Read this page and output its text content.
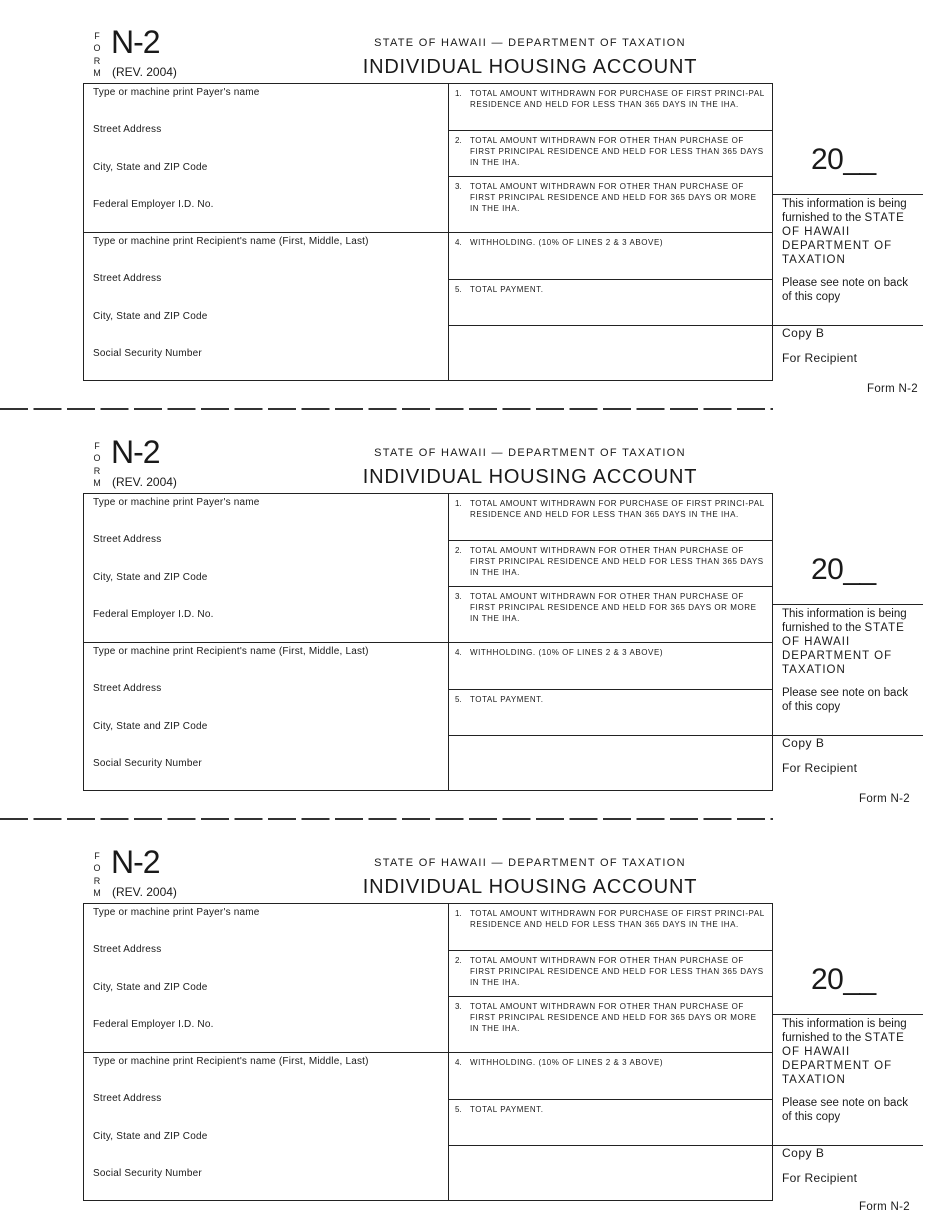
F
O
R
M
N-2
(REV. 2004)
STATE OF HAWAII — DEPARTMENT OF TAXATION
INDIVIDUAL HOUSING ACCOUNT
Type or machine print Payer's name
Street Address
City, State and ZIP Code
Federal Employer I.D. No.
Type or machine print Recipient's name (First, Middle, Last)
Street Address
City, State and ZIP Code
Social Security Number
1. TOTAL AMOUNT WITHDRAWN FOR PURCHASE OF FIRST PRINCI-PAL RESIDENCE AND HELD FOR LESS THAN 365 DAYS IN THE IHA.
2. TOTAL AMOUNT WITHDRAWN FOR OTHER THAN PURCHASE OF FIRST PRINCIPAL RESIDENCE AND HELD FOR LESS THAN 365 DAYS IN THE IHA.
3. TOTAL AMOUNT WITHDRAWN FOR OTHER THAN PURCHASE OF FIRST PRINCIPAL RESIDENCE AND HELD FOR 365 DAYS OR MORE IN THE IHA.
4. WITHHOLDING. (10% OF LINES 2 & 3 ABOVE)
5. TOTAL PAYMENT.
20__
This information is being furnished to the STATE OF HAWAII DEPARTMENT OF TAXATION
Please see note on back of this copy
Copy B
For Recipient
Form N-2
F
O
R
M
N-2
(REV. 2004)
STATE OF HAWAII — DEPARTMENT OF TAXATION
INDIVIDUAL HOUSING ACCOUNT
Type or machine print Payer's name
Street Address
City, State and ZIP Code
Federal Employer I.D. No.
Type or machine print Recipient's name (First, Middle, Last)
Street Address
City, State and ZIP Code
Social Security Number
1. TOTAL AMOUNT WITHDRAWN FOR PURCHASE OF FIRST PRINCI-PAL RESIDENCE AND HELD FOR LESS THAN 365 DAYS IN THE IHA.
2. TOTAL AMOUNT WITHDRAWN FOR OTHER THAN PURCHASE OF FIRST PRINCIPAL RESIDENCE AND HELD FOR LESS THAN 365 DAYS IN THE IHA.
3. TOTAL AMOUNT WITHDRAWN FOR OTHER THAN PURCHASE OF FIRST PRINCIPAL RESIDENCE AND HELD FOR 365 DAYS OR MORE IN THE IHA.
4. WITHHOLDING. (10% OF LINES 2 & 3 ABOVE)
5. TOTAL PAYMENT.
20__
This information is being furnished to the STATE OF HAWAII DEPARTMENT OF TAXATION
Please see note on back of this copy
Copy B
For Recipient
Form N-2
F
O
R
M
N-2
(REV. 2004)
STATE OF HAWAII — DEPARTMENT OF TAXATION
INDIVIDUAL HOUSING ACCOUNT
Type or machine print Payer's name
Street Address
City, State and ZIP Code
Federal Employer I.D. No.
Type or machine print Recipient's name (First, Middle, Last)
Street Address
City, State and ZIP Code
Social Security Number
1. TOTAL AMOUNT WITHDRAWN FOR PURCHASE OF FIRST PRINCI-PAL RESIDENCE AND HELD FOR LESS THAN 365 DAYS IN THE IHA.
2. TOTAL AMOUNT WITHDRAWN FOR OTHER THAN PURCHASE OF FIRST PRINCIPAL RESIDENCE AND HELD FOR LESS THAN 365 DAYS IN THE IHA.
3. TOTAL AMOUNT WITHDRAWN FOR OTHER THAN PURCHASE OF FIRST PRINCIPAL RESIDENCE AND HELD FOR 365 DAYS OR MORE IN THE IHA.
4. WITHHOLDING. (10% OF LINES 2 & 3 ABOVE)
5. TOTAL PAYMENT.
20__
This information is being furnished to the STATE OF HAWAII DEPARTMENT OF TAXATION
Please see note on back of this copy
Copy B
For Recipient
Form N-2
